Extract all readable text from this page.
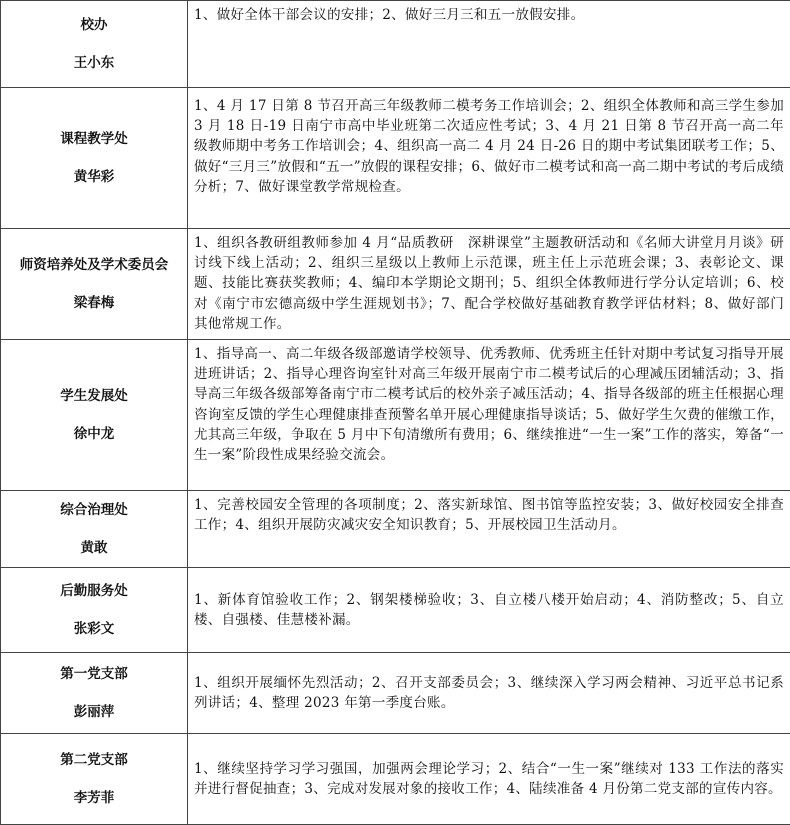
校办
王小东	1、做好全体干部会议的安排；2、做好三月三和五一放假安排。

课程教学处
黄华彩	1、4 月 17 日第 8 节召开高三年级教师二模考务工作培训会；2、组织全体教师和高三学生参加 3 月 18 日-19 日南宁市高中毕业班第二次适应性考试；3、4 月 21 日第 8 节召开高一高二年级教师期中考务工作培训会；4、组织高一高二 4 月 24 日-26 日的期中考试集团联考工作；5、做好“三月三”放假和“五一”放假的课程安排；6、做好市二模考试和高一高二期中考试的考后成绩分析；7、做好课堂教学常规检查。

师资培养处及学术委员会
梁春梅	1、组织各教研组教师参加 4 月“品质教研　深耕课堂”主题教研活动和《名师大讲堂月月谈》研讨线下线上活动；2、组织三星级以上教师上示范课，班主任上示范班会课；3、表彰论文、课题、技能比赛获奖教师；4、编印本学期论文期刊；5、组织全体教师进行学分认定培训；6、校对《南宁市宏德高级中学生涯规划书》；7、配合学校做好基础教育教学评估材料；8、做好部门其他常规工作。

学生发展处
徐中龙	1、指导高一、高二年级各级部邀请学校领导、优秀教师、优秀班主任针对期中考试复习指导开展进班讲话；2、指导心理咨询室针对高三年级开展南宁市二模考试后的心理减压团辅活动；3、指导高三年级各级部筹备南宁市二模考试后的校外亲子减压活动；4、指导各级部的班主任根据心理咨询室反馈的学生心理健康排查预警名单开展心理健康指导谈话；5、做好学生欠费的催缴工作，尤其高三年级，争取在 5 月中下旬清缴所有费用；6、继续推进“一生一案”工作的落实，筹备“一生一案”阶段性成果经验交流会。

综合治理处
黄敢	1、完善校园安全管理的各项制度；2、落实新球馆、图书馆等监控安装；3、做好校园安全排查工作；4、组织开展防灾减灾安全知识教育；5、开展校园卫生活动月。

后勤服务处
张彩文	1、新体育馆验收工作；2、钢架楼梯验收；3、自立楼八楼开始启动；4、消防整改；5、自立楼、自强楼、佳慧楼补漏。

第一党支部
彭丽萍	1、组织开展缅怀先烈活动；2、召开支部委员会；3、继续深入学习两会精神、习近平总书记系列讲话；4、整理 2023 年第一季度台账。

第二党支部
李芳菲	1、继续坚持学习学习强国，加强两会理论学习；2、结合“一生一案”继续对 133 工作法的落实并进行督促抽查；3、完成对发展对象的接收工作；4、陆续准备 4 月份第二党支部的宣传内容。
